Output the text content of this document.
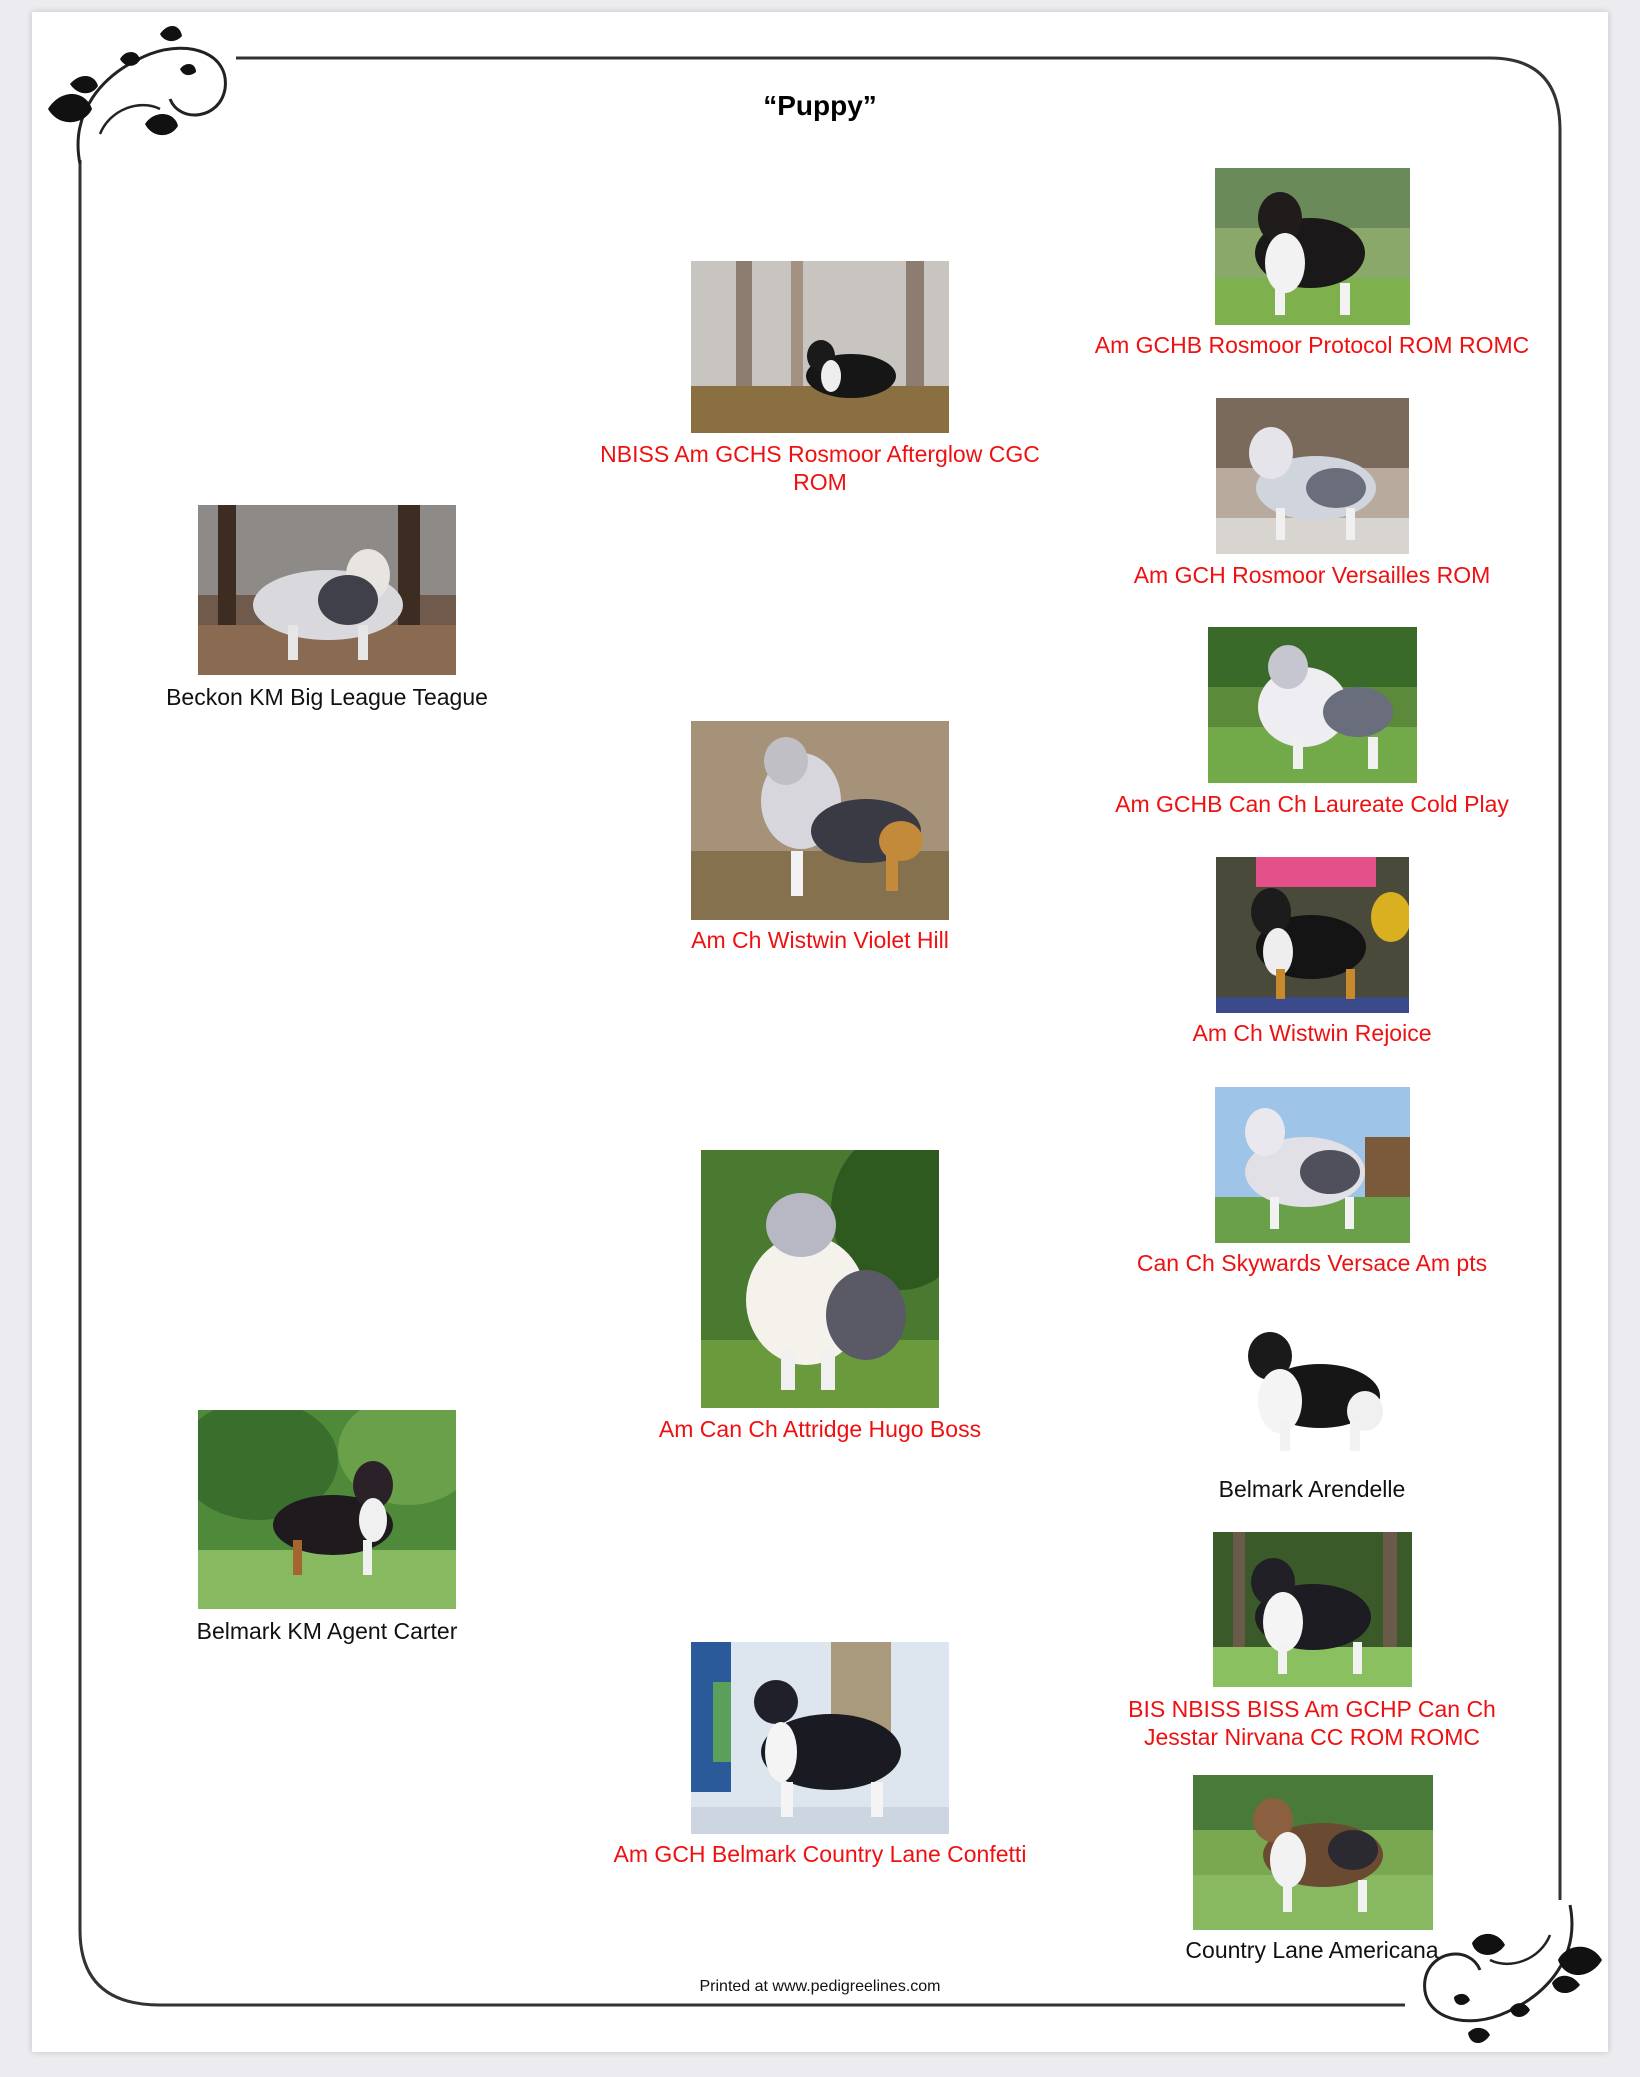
“Puppy”
Beckon KM Big League Teague
Belmark KM Agent Carter
NBISS Am GCHS Rosmoor Afterglow CGC
ROM
Am Ch Wistwin Violet Hill
Am Can Ch Attridge Hugo Boss
Am GCH Belmark Country Lane Confetti
Am GCHB Rosmoor Protocol ROM ROMC
Am GCH Rosmoor Versailles ROM
Am GCHB Can Ch Laureate Cold Play
Am Ch Wistwin Rejoice
Can Ch Skywards Versace Am pts
Belmark Arendelle
BIS NBISS BISS Am GCHP Can Ch
Jesstar Nirvana CC ROM ROMC
Country Lane Americana
Printed at www.pedigreelines.com
